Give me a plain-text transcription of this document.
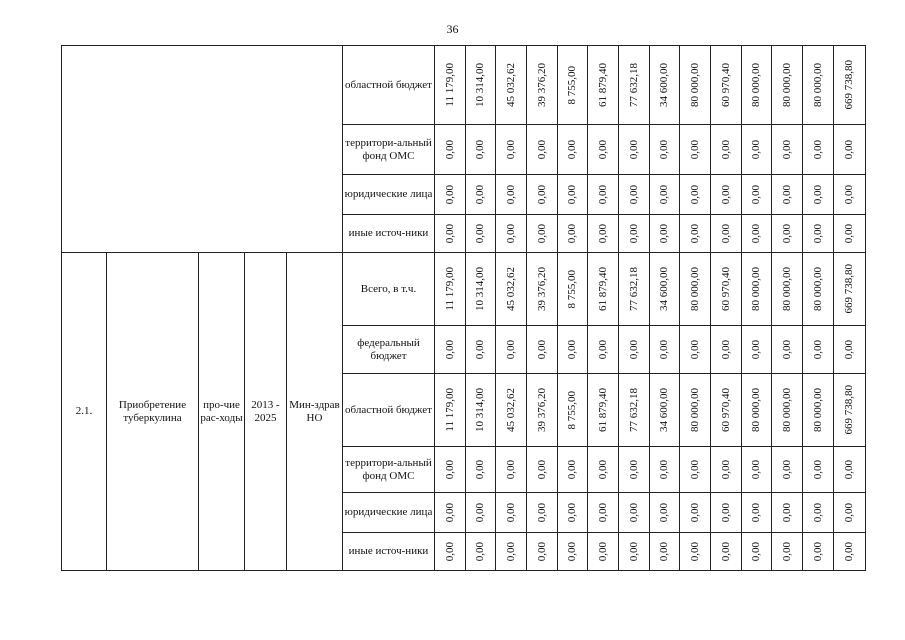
36
					областной бюджет	11 179,00	10 314,00	45 032,62	39 376,20	8 755,00	61 879,40	77 632,18	34 600,00	80 000,00	60 970,40	80 000,00	80 000,00	80 000,00	669 738,80

					территори-альный фонд ОМС	0,00	0,00	0,00	0,00	0,00	0,00	0,00	0,00	0,00	0,00	0,00	0,00	0,00	0,00

					юридические лица	0,00	0,00	0,00	0,00	0,00	0,00	0,00	0,00	0,00	0,00	0,00	0,00	0,00	0,00

					иные источ-ники	0,00	0,00	0,00	0,00	0,00	0,00	0,00	0,00	0,00	0,00	0,00	0,00	0,00	0,00

2.1.	Приобретение туберкулина	про-чие рас-ходы	2013 - 2025	Мин-здрав НО	Всего, в т.ч.	11 179,00	10 314,00	45 032,62	39 376,20	8 755,00	61 879,40	77 632,18	34 600,00	80 000,00	60 970,40	80 000,00	80 000,00	80 000,00	669 738,80

					федеральный бюджет	0,00	0,00	0,00	0,00	0,00	0,00	0,00	0,00	0,00	0,00	0,00	0,00	0,00	0,00

					областной бюджет	11 179,00	10 314,00	45 032,62	39 376,20	8 755,00	61 879,40	77 632,18	34 600,00	80 000,00	60 970,40	80 000,00	80 000,00	80 000,00	669 738,80

					территори-альный фонд ОМС	0,00	0,00	0,00	0,00	0,00	0,00	0,00	0,00	0,00	0,00	0,00	0,00	0,00	0,00

					юридические лица	0,00	0,00	0,00	0,00	0,00	0,00	0,00	0,00	0,00	0,00	0,00	0,00	0,00	0,00

					иные источ-ники	0,00	0,00	0,00	0,00	0,00	0,00	0,00	0,00	0,00	0,00	0,00	0,00	0,00	0,00
